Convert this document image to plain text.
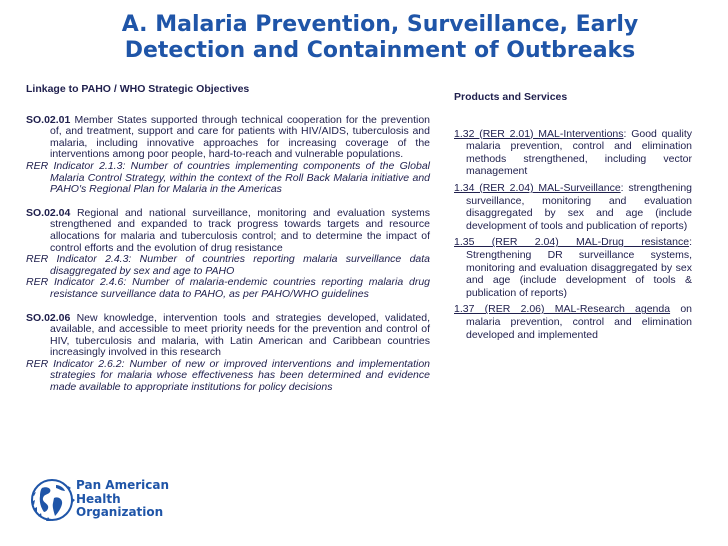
A. Malaria Prevention, Surveillance, Early
Detection and Containment of Outbreaks
Linkage to PAHO / WHO Strategic Objectives

SO.02.01 Member States supported through technical cooperation for the prevention of, and treatment, support and care for patients with HIV/AIDS, tuberculosis and malaria, including innovative approaches for increasing coverage of the interventions among poor people, hard-to-reach and vulnerable populations.

RER Indicator 2.1.3: Number of countries implementing components of the Global Malaria Control Strategy, within the context of the Roll Back Malaria initiative and PAHO's Regional Plan for Malaria in the Americas

SO.02.04 Regional and national surveillance, monitoring and evaluation systems strengthened and expanded to track progress towards targets and resource allocations for malaria and tuberculosis control; and to determine the impact of control efforts and the evolution of drug resistance

RER Indicator 2.4.3: Number of countries reporting malaria surveillance data disaggregated by sex and age to PAHO

RER Indicator 2.4.6: Number of malaria-endemic countries reporting malaria drug resistance surveillance data to PAHO, as per PAHO/WHO guidelines

SO.02.06 New knowledge, intervention tools and strategies developed, validated, available, and accessible to meet priority needs for the prevention and control of HIV, tuberculosis and malaria, with Latin American and Caribbean countries increasingly involved in this research

RER Indicator 2.6.2: Number of new or improved interventions and implementation strategies for malaria whose effectiveness has been determined and evidence made available to appropriate institutions for policy decisions

Products and Services

1.32 (RER 2.01) MAL-Interventions: Good quality malaria prevention, control and elimination methods strengthened, including vector management

1.34 (RER 2.04) MAL-Surveillance: strengthening surveillance, monitoring and evaluation disaggregated by sex and age (include development of tools and publication of reports)

1.35 (RER 2.04) MAL-Drug resistance: Strengthening DR surveillance systems, monitoring and evaluation disaggregated by sex and age (include development of tools & publication of reports)

1.37 (RER 2.06) MAL-Research agenda on malaria prevention, control and elimination developed and implemented

Pan American
Health
Organization
